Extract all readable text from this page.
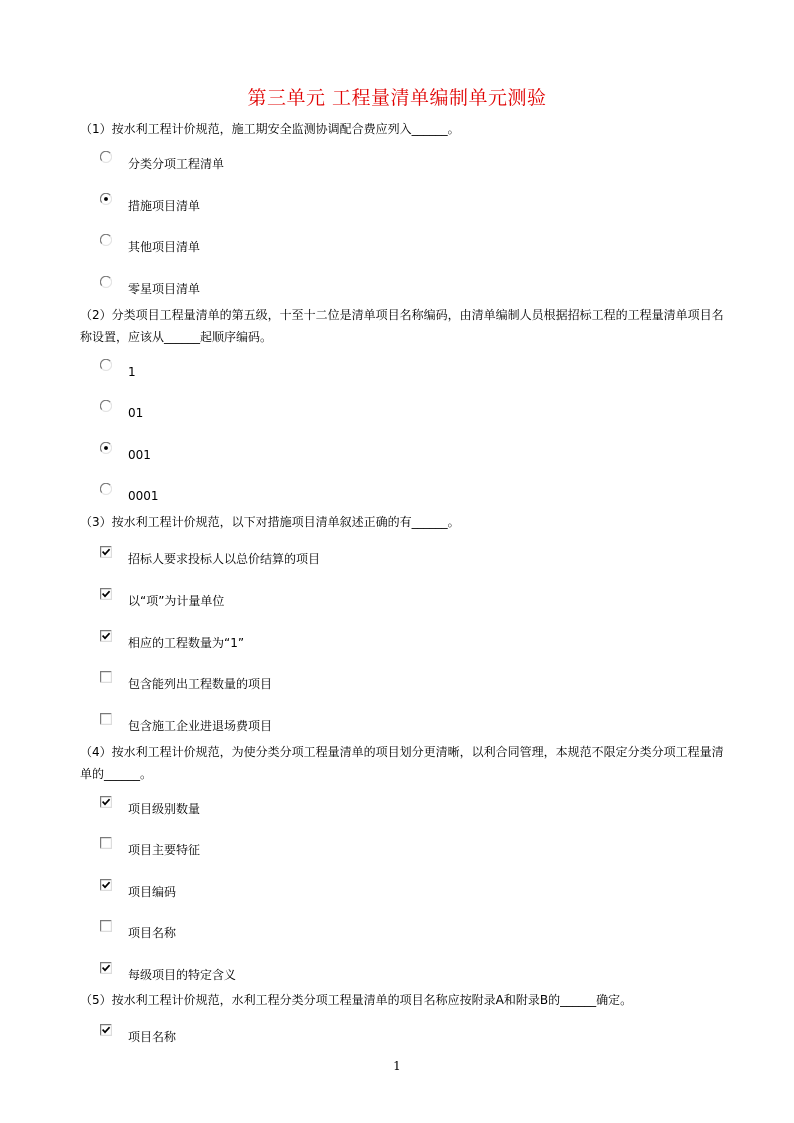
第三单元 工程量清单编制单元测验
（1）按水利工程计价规范，施工期安全监测协调配合费应列入______。
分类分项工程清单
措施项目清单
其他项目清单
零星项目清单
（2）分类项目工程量清单的第五级，十至十二位是清单项目名称编码，由清单编制人员根据招标工程的工程量清单项目名称设置，应该从______起顺序编码。
1
01
001
0001
（3）按水利工程计价规范，以下对措施项目清单叙述正确的有______。
招标人要求投标人以总价结算的项目
以“项”为计量单位
相应的工程数量为“1”
包含能列出工程数量的项目
包含施工企业进退场费项目
（4）按水利工程计价规范，为使分类分项工程量清单的项目划分更清晰，以利合同管理，本规范不限定分类分项工程量清单的______。
项目级别数量
项目主要特征
项目编码
项目名称
每级项目的特定含义
（5）按水利工程计价规范，水利工程分类分项工程量清单的项目名称应按附录A和附录B的______确定。
项目名称
1
